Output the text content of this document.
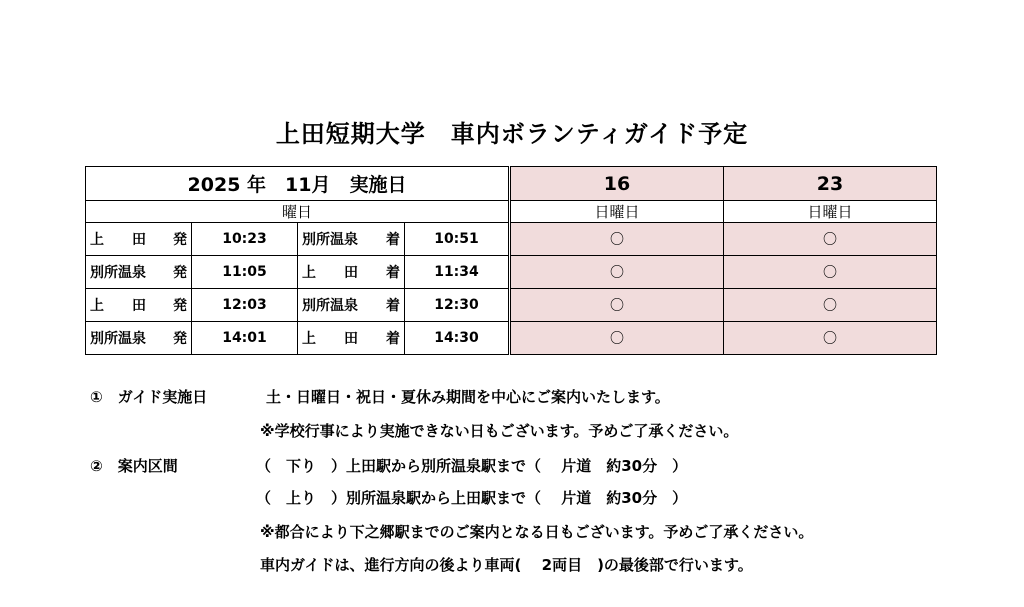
上田短期大学　車内ボランティガイド予定
2025 年　11月　実施日				16	23
曜日				日曜日	日曜日

上　　田 発	10:23	別所温泉 着	10:51	〇	〇

別所温泉 発	11:05	上　　田 着	11:34	〇	〇

上　　田 発	12:03	別所温泉 着	12:30	〇	〇

別所温泉 発	14:01	上　　田 着	14:30	〇	〇
①　ガイド実施日	土・日曜日・祝日・夏休み期間を中心にご案内いたします。
※学校行事により実施できない日もございます。予めご了承ください。
②　案内区間	（　下り　）上田駅から別所温泉駅まで（　 片道　約30分　）
（　上り　）別所温泉駅から上田駅まで（　 片道　約30分　）
※都合により下之郷駅までのご案内となる日もございます。予めご了承ください。
車内ガイドは、進行方向の後より車両(　 2両目　)の最後部で行います。
